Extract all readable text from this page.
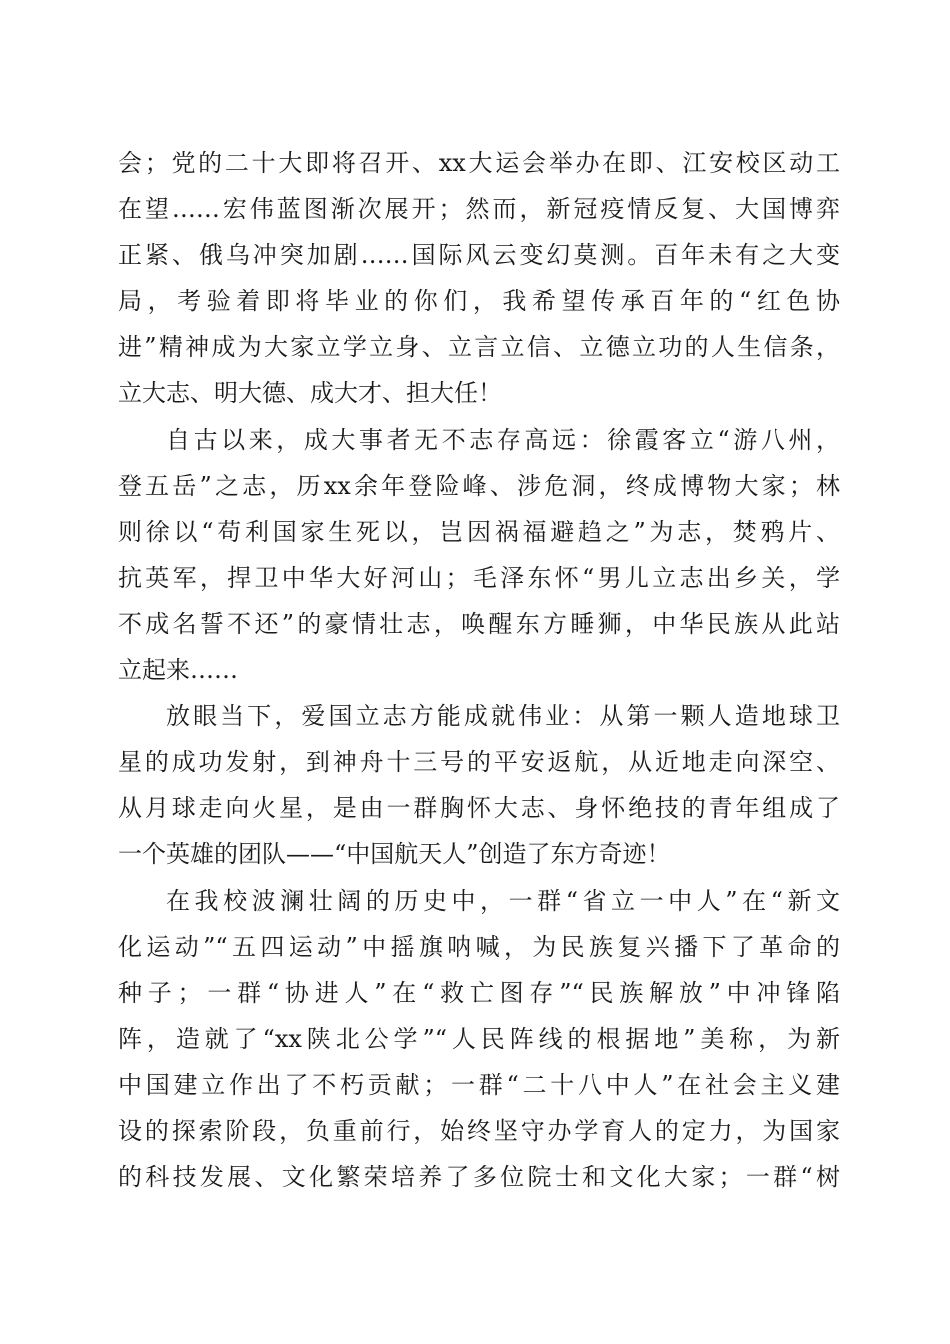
会；党的二十大即将召开、xx大运会举办在即、江安校区动工
在望……宏伟蓝图渐次展开；然而，新冠疫情反复、大国博弈
正紧、俄乌冲突加剧……国际风云变幻莫测。百年未有之大变
局，考验着即将毕业的你们，我希望传承百年的“红色协
进”精神成为大家立学立身、立言立信、立德立功的人生信条，
立大志、明大德、成大才、担大任！
自古以来，成大事者无不志存高远：徐霞客立“游八州，
登五岳”之志，历xx余年登险峰、涉危洞，终成博物大家；林
则徐以“苟利国家生死以，岂因祸福避趋之”为志，焚鸦片、
抗英军，捍卫中华大好河山；毛泽东怀“男儿立志出乡关，学
不成名誓不还”的豪情壮志，唤醒东方睡狮，中华民族从此站
立起来……
放眼当下，爱国立志方能成就伟业：从第一颗人造地球卫
星的成功发射，到神舟十三号的平安返航，从近地走向深空、
从月球走向火星，是由一群胸怀大志、身怀绝技的青年组成了
一个英雄的团队——“中国航天人”创造了东方奇迹！
在我校波澜壮阔的历史中，一群“省立一中人”在“新文
化运动”“五四运动”中摇旗呐喊，为民族复兴播下了革命的
种子；一群“协进人”在“救亡图存”“民族解放”中冲锋陷
阵，造就了“xx陕北公学”“人民阵线的根据地”美称，为新
中国建立作出了不朽贡献；一群“二十八中人”在社会主义建
设的探索阶段，负重前行，始终坚守办学育人的定力，为国家
的科技发展、文化繁荣培养了多位院士和文化大家；一群“树
